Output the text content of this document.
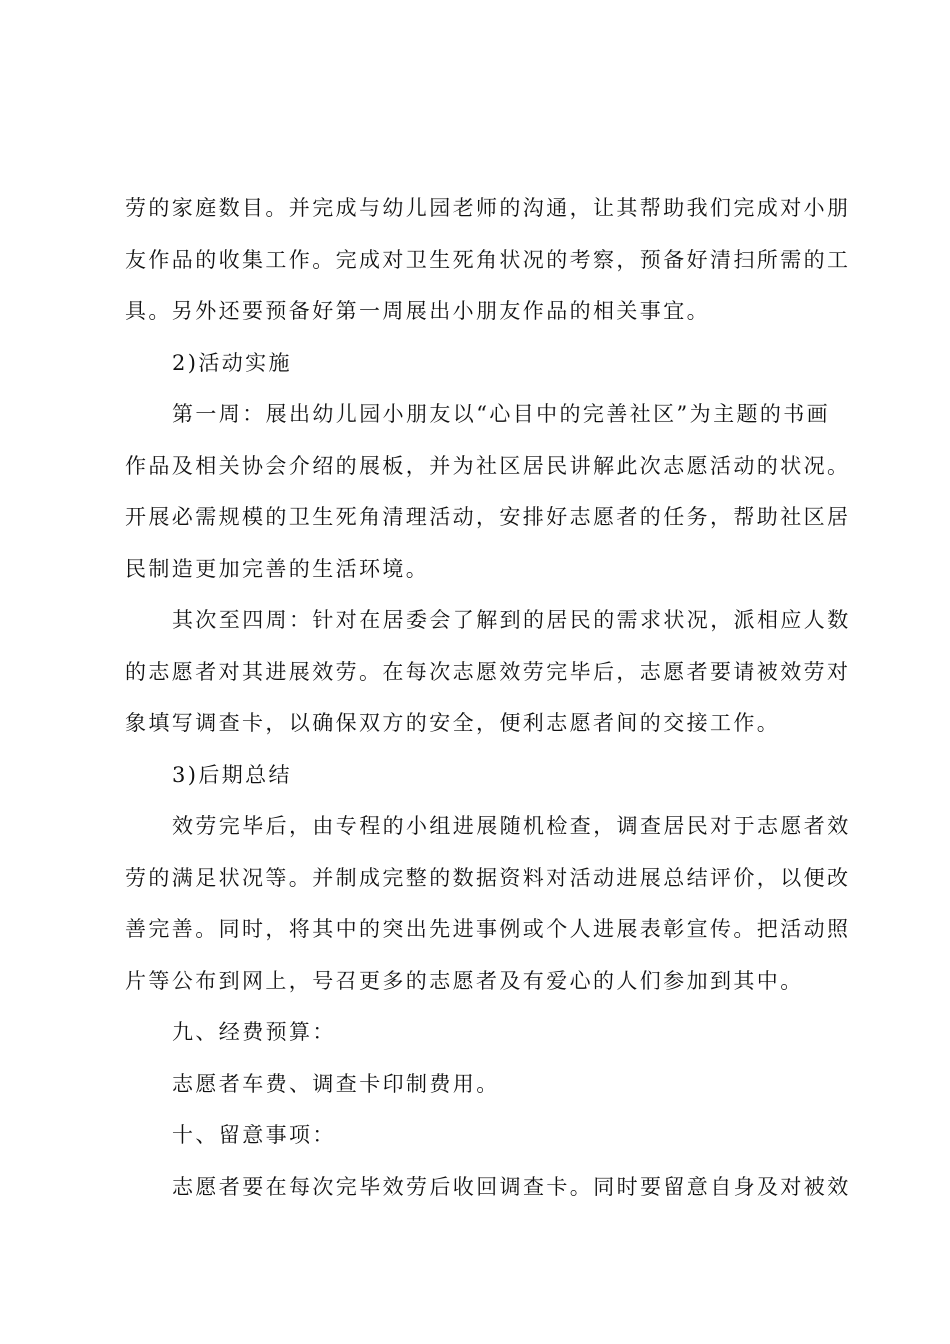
劳的家庭数目。并完成与幼儿园老师的沟通，让其帮助我们完成对小朋
友作品的收集工作。完成对卫生死角状况的考察，预备好清扫所需的工
具。另外还要预备好第一周展出小朋友作品的相关事宜。

2)活动实施

第一周：展出幼儿园小朋友以“心目中的完善社区”为主题的书画
作品及相关协会介绍的展板，并为社区居民讲解此次志愿活动的状况。
开展必需规模的卫生死角清理活动，安排好志愿者的任务，帮助社区居
民制造更加完善的生活环境。

其次至四周：针对在居委会了解到的居民的需求状况，派相应人数
的志愿者对其进展效劳。在每次志愿效劳完毕后，志愿者要请被效劳对
象填写调查卡，以确保双方的安全，便利志愿者间的交接工作。

3)后期总结

效劳完毕后，由专程的小组进展随机检查，调查居民对于志愿者效
劳的满足状况等。并制成完整的数据资料对活动进展总结评价，以便改
善完善。同时，将其中的突出先进事例或个人进展表彰宣传。把活动照
片等公布到网上，号召更多的志愿者及有爱心的人们参加到其中。

九、经费预算：

志愿者车费、调查卡印制费用。

十、留意事项：

志愿者要在每次完毕效劳后收回调查卡。同时要留意自身及对被效
